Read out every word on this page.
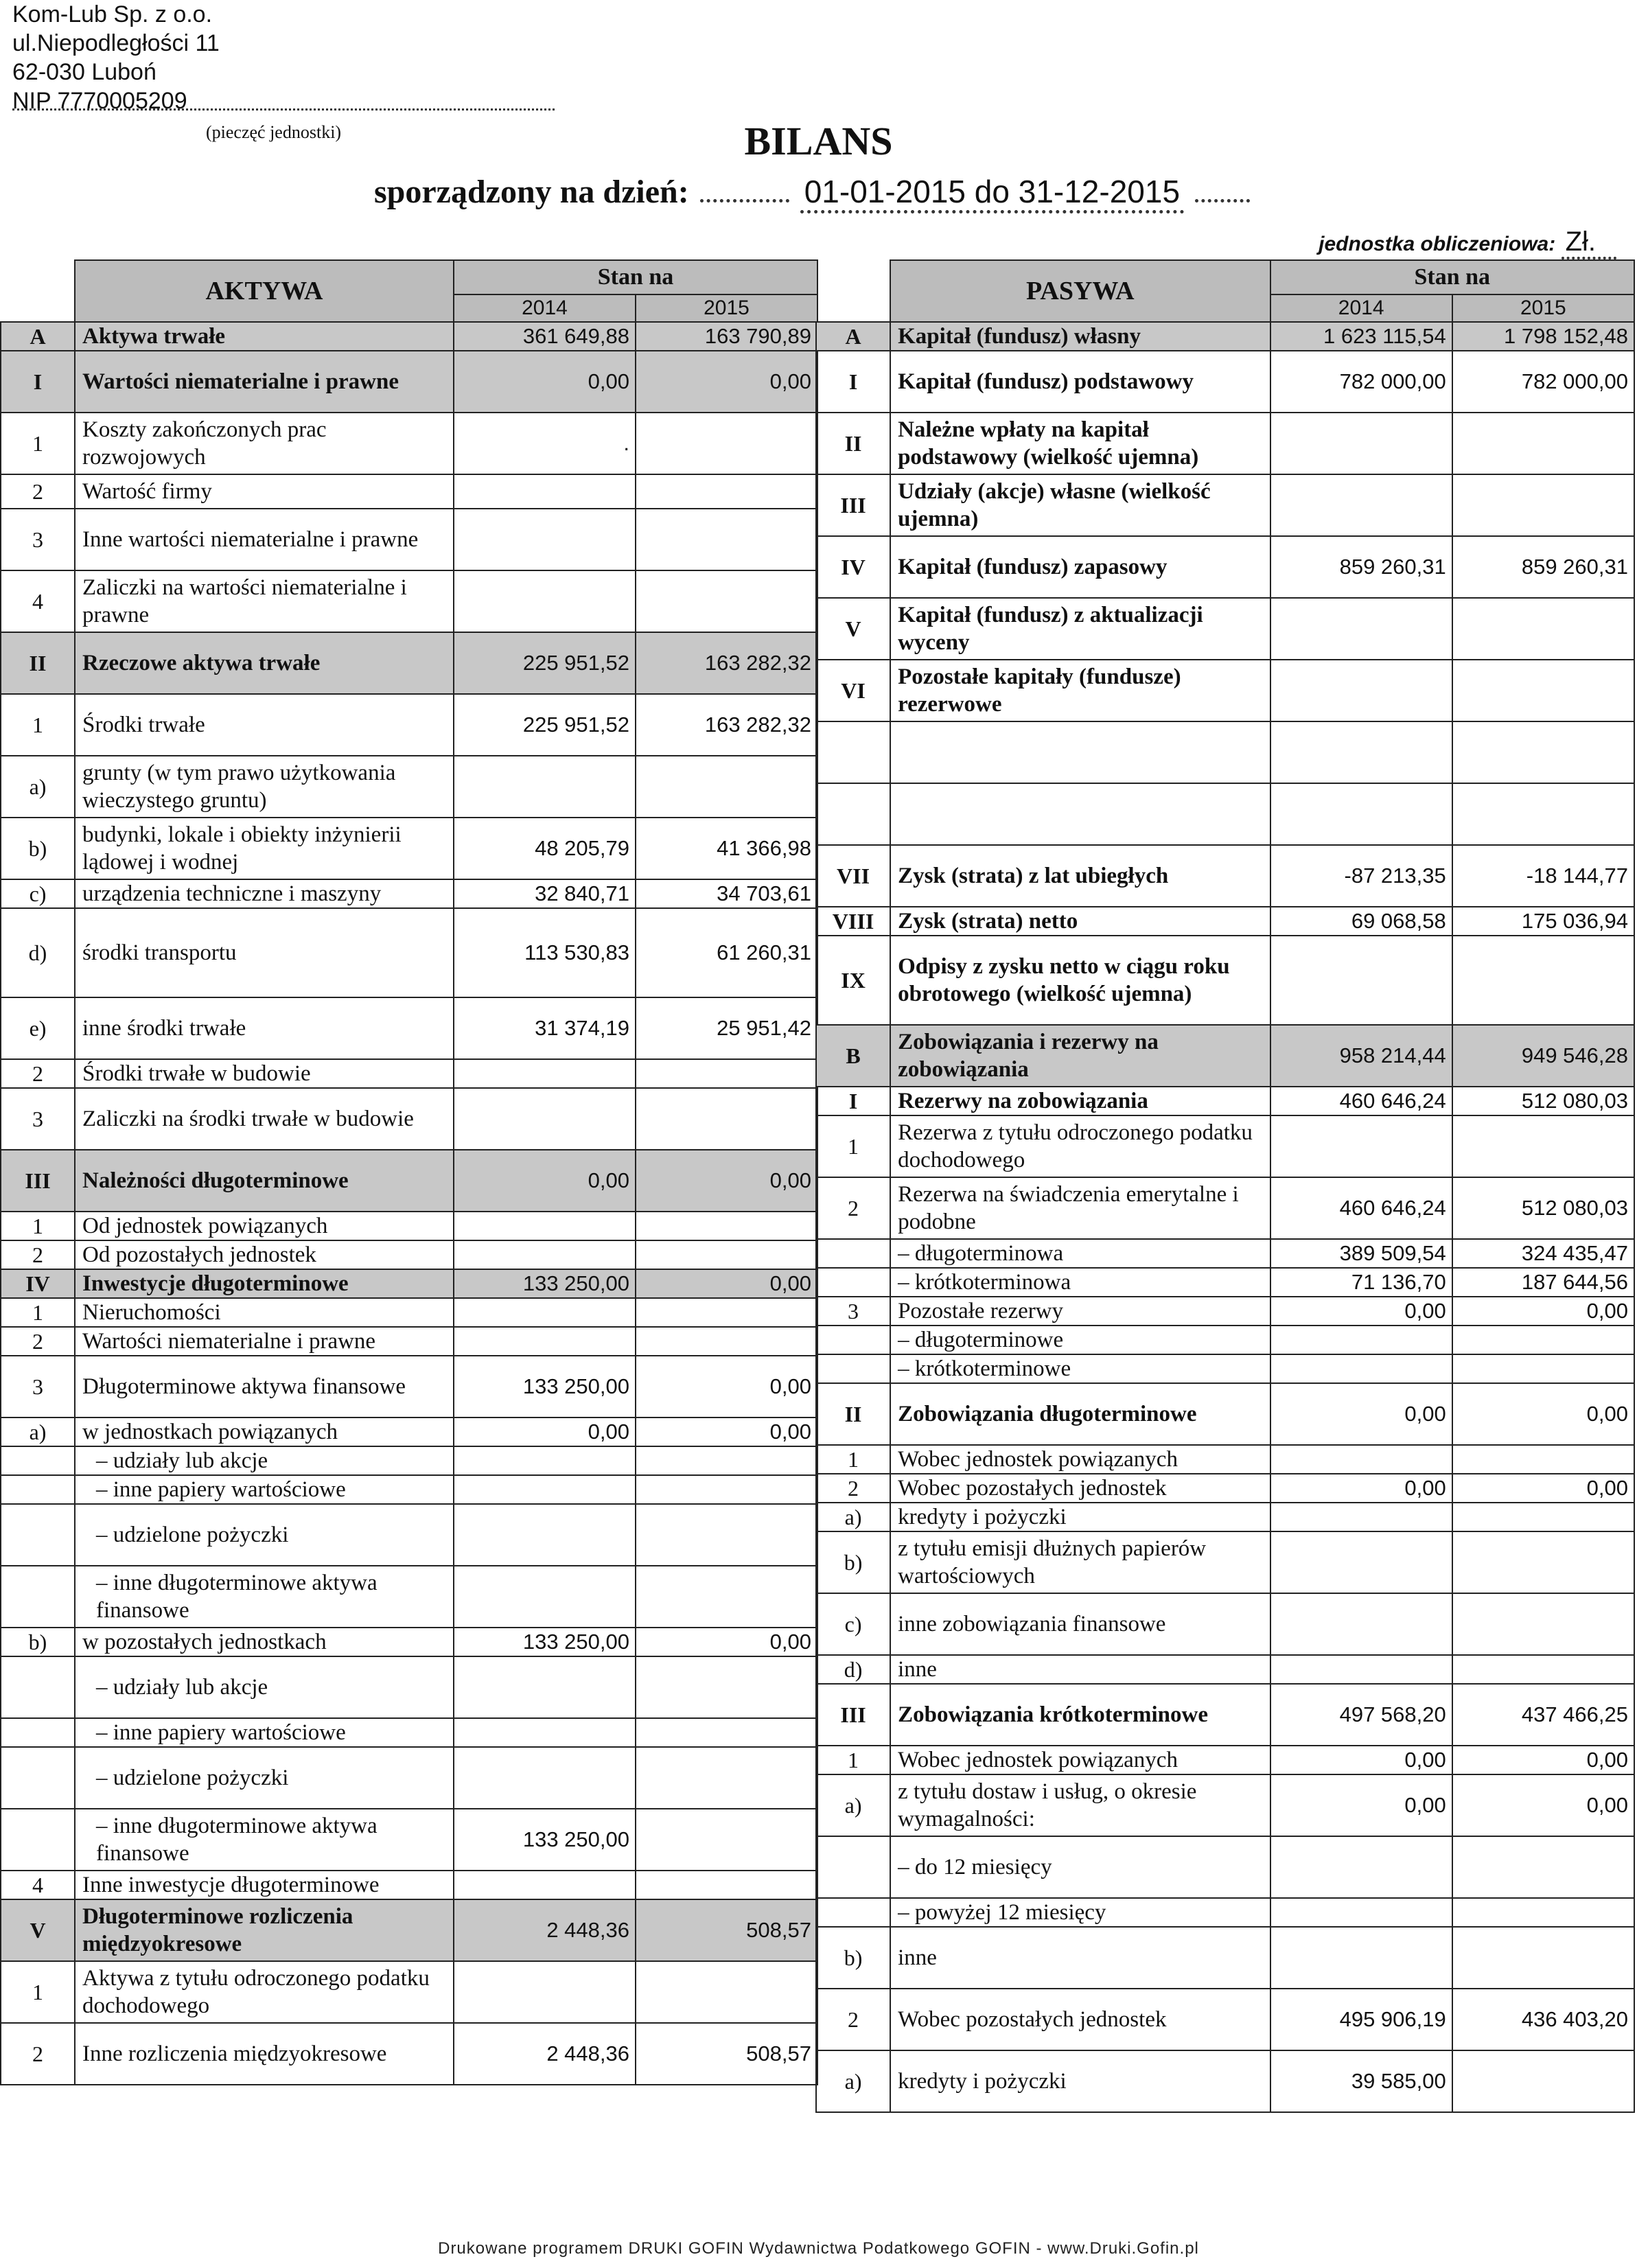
Kom-Lub Sp. z o.o.
ul.Niepodległości 11
62-030 Luboń
NIP 7770005209
(pieczęć jednostki)	BILANS
sporządzony na dzień:	01-01-2015 do 31-12-2015
jednostka obliczeniowa: Zł.
	AKTYWA	Stan na	
		2014	2015
A	Aktywa trwałe	361 649,88	163 790,89
I	Wartości niematerialne i prawne	0,00	0,00
1	Koszty zakończonych prac rozwojowych	.	
2	Wartość firmy		
3	Inne wartości niematerialne i prawne		
4	Zaliczki na wartości niematerialne i prawne		
II	Rzeczowe aktywa trwałe	225 951,52	163 282,32
1	Środki trwałe	225 951,52	163 282,32
a)	grunty (w tym prawo użytkowania wieczystego gruntu)		
b)	budynki, lokale i obiekty inżynierii lądowej i wodnej	48 205,79	41 366,98
c)	urządzenia techniczne i maszyny	32 840,71	34 703,61
d)	środki transportu	113 530,83	61 260,31
e)	inne środki trwałe	31 374,19	25 951,42
2	Środki trwałe w budowie		
3	Zaliczki na środki trwałe w budowie		
III	Należności długoterminowe	0,00	0,00
1	Od jednostek powiązanych		
2	Od pozostałych jednostek		
IV	Inwestycje długoterminowe	133 250,00	0,00
1	Nieruchomości		
2	Wartości niematerialne i prawne		
3	Długoterminowe aktywa finansowe	133 250,00	0,00
a)	w jednostkach powiązanych	0,00	0,00
	– udziały lub akcje		
	– inne papiery wartościowe		
	– udzielone pożyczki		
	– inne długoterminowe aktywa finansowe		
b)	w pozostałych jednostkach	133 250,00	0,00
	– udziały lub akcje		
	– inne papiery wartościowe		
	– udzielone pożyczki		
	– inne długoterminowe aktywa finansowe	133 250,00	
4	Inne inwestycje długoterminowe		
V	Długoterminowe rozliczenia międzyokresowe	2 448,36	508,57
1	Aktywa z tytułu odroczonego podatku dochodowego		
2	Inne rozliczenia międzyokresowe	2 448,36	508,57
	PASYWA	Stan na	
		2014	2015
A	Kapitał (fundusz) własny	1 623 115,54	1 798 152,48
I	Kapitał (fundusz) podstawowy	782 000,00	782 000,00
II	Należne wpłaty na kapitał podstawowy (wielkość ujemna)		
III	Udziały (akcje) własne (wielkość ujemna)		
IV	Kapitał (fundusz) zapasowy	859 260,31	859 260,31
V	Kapitał (fundusz) z aktualizacji wyceny		
VI	Pozostałe kapitały (fundusze) rezerwowe		

VII	Zysk (strata) z lat ubiegłych	-87 213,35	-18 144,77
VIII	Zysk (strata) netto	69 068,58	175 036,94
IX	Odpisy z zysku netto w ciągu roku obrotowego (wielkość ujemna)		
B	Zobowiązania i rezerwy na zobowiązania	958 214,44	949 546,28
I	Rezerwy na zobowiązania	460 646,24	512 080,03
1	Rezerwa z tytułu odroczonego podatku dochodowego		
2	Rezerwa na świadczenia emerytalne i podobne	460 646,24	512 080,03
	– długoterminowa	389 509,54	324 435,47
	– krótkoterminowa	71 136,70	187 644,56
3	Pozostałe rezerwy	0,00	0,00
	– długoterminowe		
	– krótkoterminowe		
II	Zobowiązania długoterminowe	0,00	0,00
1	Wobec jednostek powiązanych		
2	Wobec pozostałych jednostek	0,00	0,00
a)	kredyty i pożyczki		
b)	z tytułu emisji dłużnych papierów wartościowych		
c)	inne zobowiązania finansowe		
d)	inne		
III	Zobowiązania krótkoterminowe	497 568,20	437 466,25
1	Wobec jednostek powiązanych	0,00	0,00
a)	z tytułu dostaw i usług, o okresie wymagalności:	0,00	0,00
	– do 12 miesięcy		
	– powyżej 12 miesięcy		
b)	inne		
2	Wobec pozostałych jednostek	495 906,19	436 403,20
a)	kredyty i pożyczki	39 585,00	
Drukowane programem DRUKI GOFIN Wydawnictwa Podatkowego GOFIN - www.Druki.Gofin.pl
